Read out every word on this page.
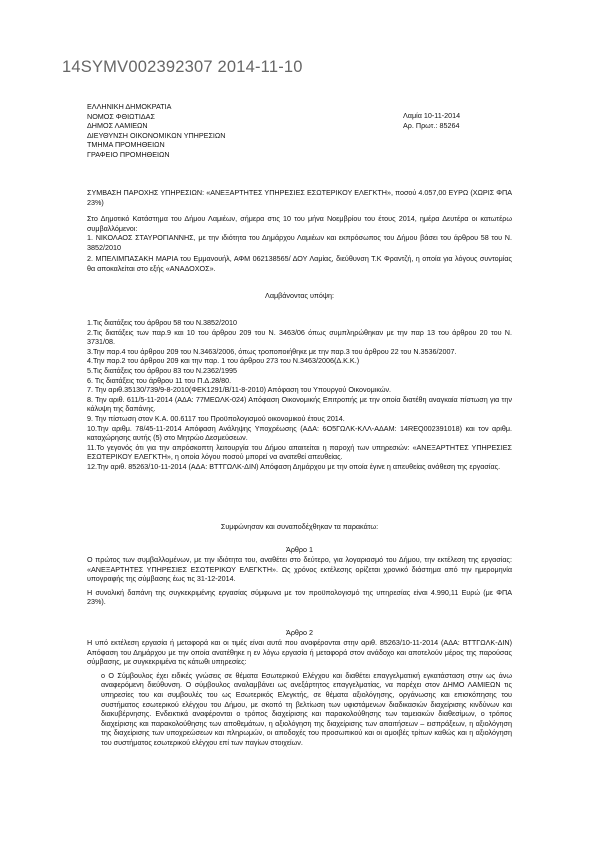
14SYMV002392307 2014-11-10
ΕΛΛΗΝΙΚΗ ΔΗΜΟΚΡΑΤΙΑ
ΝΟΜΟΣ ΦΘΙΩΤΙΔΑΣ
ΔΗΜΟΣ ΛΑΜΙΕΩΝ
ΔΙΕΥΘΥΝΣΗ ΟΙΚΟΝΟΜΙΚΩΝ ΥΠΗΡΕΣΙΩΝ
ΤΜΗΜΑ ΠΡΟΜΗΘΕΙΩΝ
ΓΡΑΦΕΙΟ ΠΡΟΜΗΘΕΙΩΝ
Λαμία 10-11-2014
Αρ. Πρωτ.: 85264
ΣΥΜΒΑΣΗ ΠΑΡΟΧΗΣ ΥΠΗΡΕΣΙΩΝ: «ΑΝΕΞΑΡΤΗΤΕΣ ΥΠΗΡΕΣΙΕΣ ΕΣΩΤΕΡΙΚΟΥ ΕΛΕΓΚΤΗ», ποσού 4.057,00 ΕΥΡΩ (ΧΩΡΙΣ ΦΠΑ 23%)

Στο Δημοτικό Κατάστημα του Δήμου Λαμιέων, σήμερα στις 10 του μήνα Νοεμβρίου του έτους 2014, ημέρα Δευτέρα οι κατωτέρω συμβαλλόμενοι:

1. ΝΙΚΟΛΑΟΣ ΣΤΑΥΡΟΓΙΑΝΝΗΣ, με την ιδιότητα του Δημάρχου Λαμιέων και εκπρόσωπος του Δήμου βάσει του άρθρου 58 του Ν. 3852/2010

2. ΜΠΕΛΙΜΠΑΣΑΚΗ ΜΑΡΙΑ του Εμμανουήλ, ΑΦΜ 062138565/ ΔΟΥ Λαμίας, διεύθυνση Τ.Κ Φραντζή, η οποία για λόγους συντομίας θα αποκαλείται στο εξής «ΑΝΑΔΟΧΟΣ».

Λαμβάνοντας υπόψη:

1.Τις διατάξεις του άρθρου 58 του Ν.3852/2010

2.Τις διατάξεις των παρ.9 και 10 του άρθρου 209 του Ν. 3463/06 όπως συμπληρώθηκαν με την παρ 13 του άρθρου 20 του Ν. 3731/08.

3.Την παρ.4 του άρθρου 209 του Ν.3463/2006, όπως τροποποιήθηκε με την παρ.3 του άρθρου 22 του Ν.3536/2007.

4.Την παρ.2 του άρθρου 209 και την παρ. 1 του άρθρου 273 του Ν.3463/2006(Δ.Κ.Κ.)

5.Τις διατάξεις του άρθρου 83 του Ν.2362/1995

6. Τις διατάξεις του άρθρου 11 του Π.Δ.28/80.

7. Την αριθ.35130/739/9-8-2010(ΦΕΚ1291/Β/11-8-2010) Απόφαση του Υπουργού Οικονομικών.

8. Την αριθ. 611/5-11-2014 (ΑΔΑ: 77ΜΕΩΛΚ-024) Απόφαση Οικονομικής Επιτροπής με την οποία διατέθη αναγκαία πίστωση για την κάλυψη της δαπάνης.

9. Την πίστωση στον Κ.Α. 00.6117 του Προϋπολογισμού οικονομικού έτους 2014.

10.Την αριθμ. 78/45-11-2014 Απόφαση Ανάληψης Υποχρέωσης (ΑΔΑ: 6Ο5ΓΩΛΚ-ΚΛΛ-ΑΔΑΜ: 14REQ002391018) και τον αριθμ. καταχώρησης αυτής (5) στο Μητρώο Δεσμεύσεων.

11.Το γεγονός ότι για την απρόσκοπτη λειτουργία του Δήμου απαιτείται η παροχή των υπηρεσιών: «ΑΝΕΞΑΡΤΗΤΕΣ ΥΠΗΡΕΣΙΕΣ ΕΣΩΤΕΡΙΚΟΥ ΕΛΕΓΚΤΗ», η οποία λόγου ποσού μπορεί να ανατεθεί απευθείας.

12.Την αριθ. 85263/10-11-2014 (ΑΔΑ: ΒΤΤΓΩΛΚ-ΔΙΝ) Απόφαση Δημάρχου με την οποία έγινε η απευθείας ανάθεση της εργασίας.

Συμφώνησαν και συναποδέχθηκαν τα παρακάτω:
Άρθρο 1

Ο πρώτος των συμβαλλομένων, με την ιδιότητα του, αναθέτει στο δεύτερο, για λογαριασμό του Δήμου, την εκτέλεση της εργασίας: «ΑΝΕΞΑΡΤΗΤΕΣ ΥΠΗΡΕΣΙΕΣ ΕΣΩΤΕΡΙΚΟΥ ΕΛΕΓΚΤΗ». Ως χρόνος εκτέλεσης ορίζεται χρονικό διάστημα από την ημερομηνία υπογραφής της σύμβασης έως τις 31-12-2014.

Η συνολική δαπάνη της συγκεκριμένης εργασίας σύμφωνα με τον προϋπολογισμό της υπηρεσίας είναι 4.990,11 Ευρώ (με ΦΠΑ 23%).

Άρθρο 2

Η υπό εκτέλεση εργασία ή μεταφορά και οι τιμές είναι αυτά που αναφέρονται στην αριθ. 85263/10-11-2014 (ΑΔΑ: ΒΤΤΓΩΛΚ-ΔΙΝ) Απόφαση του Δημάρχου με την οποία ανατέθηκε η εν λόγω εργασία ή μεταφορά στον ανάδοχο και αποτελούν μέρος της παρούσας σύμβασης, με συγκεκριμένα τις κάτωθι υπηρεσίες:

ο Ο Σύμβουλος έχει ειδικές γνώσεις σε θέματα Εσωτερικού Ελέγχου και διαθέτει επαγγελματική εγκατάσταση στην ως άνω αναφερόμενη διεύθυνση. Ο σύμβουλος αναλαμβάνει ως ανεξάρτητος επαγγελματίας, να παρέχει στον ΔΗΜΟ ΛΑΜΙΕΩΝ τις υπηρεσίες του και συμβουλές του ως Εσωτερικός Ελεγκτής, σε θέματα αξιολόγησης, οργάνωσης και επισκόπησης του συστήματος εσωτερικού ελέγχου του Δήμου, με σκοπό τη βελτίωση των υφιστάμενων διαδικασιών διαχείρισης κινδύνων και διακυβέρνησης. Ενδεικτικά αναφέρονται ο τρόπος διαχείρισης και παρακολούθησης των ταμειακών διαθεσίμων, ο τρόπος διαχείρισης και παρακολούθησης των αποθεμάτων, η αξιολόγηση της διαχείρισης των απαιτήσεων – εισπράξεων, η αξιολόγηση της διαχείρισης των υποχρεώσεων και πληρωμών, οι αποδοχές του προσωπικού και οι αμοιβές τρίτων καθώς και η αξιολόγηση του συστήματος εσωτερικού ελέγχου επί των παγίων στοιχείων.
